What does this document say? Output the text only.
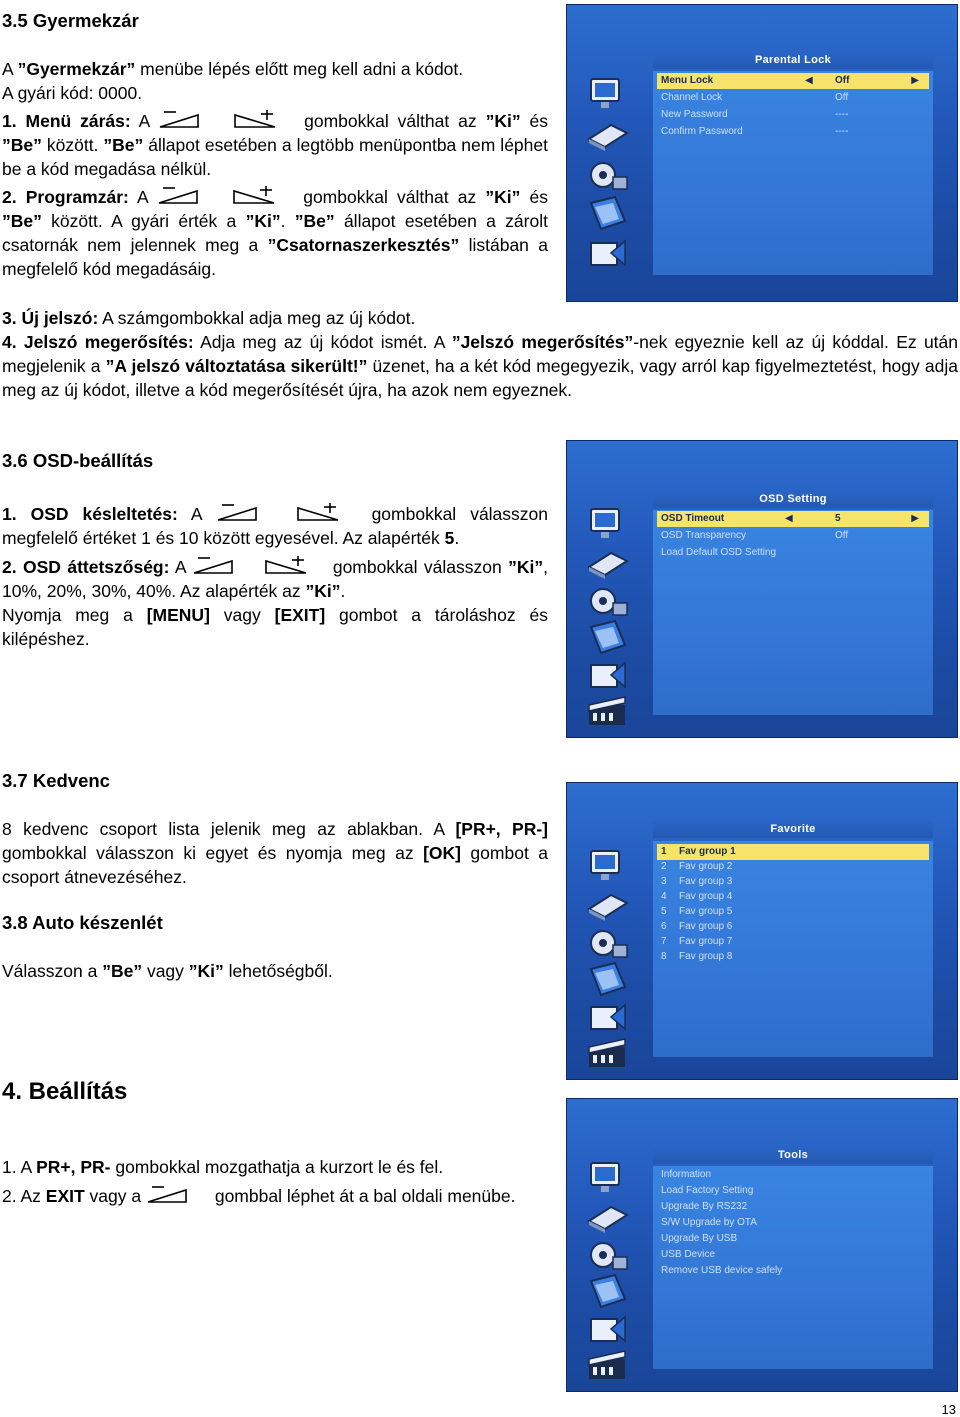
3.5 Gyermekzár

A ”Gyermekzár” menübe lépés előtt meg kell adni a kódot.

A gyári kód: 0000.

1. Menü zárás: A	gombokkal válthat az ”Ki” és ”Be” között. ”Be” állapot esetében a legtöbb menüpontba nem léphet be a kód megadása nélkül.

2. Programzár: A	gombokkal válthat az ”Ki” és ”Be” között. A gyári érték a ”Ki”. ”Be” állapot esetében a zárolt csatornák nem jelennek meg a ”Csatornaszerkesztés” listában a megfelelő kód megadásáig.

3. Új jelszó: A számgombokkal adja meg az új kódot.

4. Jelszó megerősítés: Adja meg az új kódot ismét. A ”Jelszó megerősítés”-nek egyeznie kell az új kóddal. Ez után megjelenik a ”A jelszó változtatása sikerült!” üzenet, ha a két kód megegyezik, vagy arról kap figyelmeztetést, hogy adja meg az új kódot, illetve a kód megerősítését újra, ha azok nem egyeznek.

Parental Lock
Menu Lock	◀ Off	▶
Channel Lock	Off
New Password	----
Confirm Password	----
3.6 OSD-beállítás

1. OSD késleltetés: A	gombokkal válasszon megfelelő értéket 1 és 10 között egyesével. Az alapérték 5.

2. OSD áttetszőség: A	gombokkal válasszon ”Ki”, 10%, 20%, 30%, 40%. Az alapérték az ”Ki”.

Nyomja meg a [MENU] vagy [EXIT] gombot a tároláshoz és kilépéshez.

OSD Setting
OSD Timeout	◀	5	▶
OSD Transparency	Off
Load Default OSD Setting
3.7 Kedvenc

8 kedvenc csoport lista jelenik meg az ablakban. A [PR+, PR-] gombokkal válasszon ki egyet és nyomja meg az [OK] gombot a csoport átnevezéséhez.

3.8 Auto készenlét

Válasszon a ”Be” vagy ”Ki” lehetőségből.

Favorite
1 Fav group 1
2 Fav group 2
3 Fav group 3
4 Fav group 4
5 Fav group 5
6 Fav group 6
7 Fav group 7
8 Fav group 8
4. Beállítás

1. A PR+, PR- gombokkal mozgathatja a kurzort le és fel.

2. Az EXIT vagy a	gombbal léphet át a bal oldali menübe.

Tools
Information
Load Factory Setting
Upgrade By RS232
S/W Upgrade by OTA
Upgrade By USB
USB Device
Remove USB device safely
13
